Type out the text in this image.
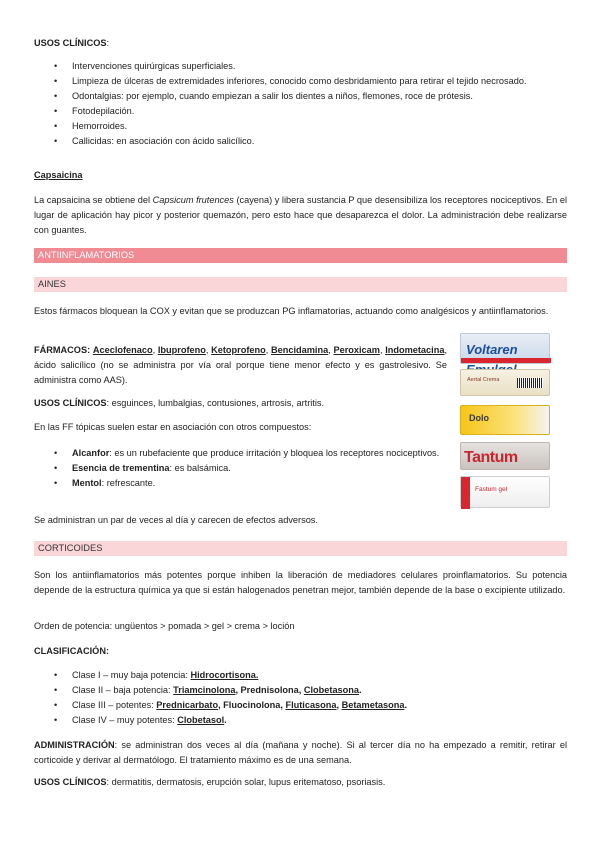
USOS CLÍNICOS:
• Intervenciones quirúrgicas superficiales.
• Limpieza de úlceras de extremidades inferiores, conocido como desbridamiento para retirar el tejido necrosado.
• Odontalgias: por ejemplo, cuando empiezan a salir los dientes a niños, flemones, roce de prótesis.
• Fotodepilación.
• Hemorroides.
• Callicidas: en asociación con ácido salicílico.
Capsaicina

La capsaicina se obtiene del Capsicum frutences (cayena) y libera sustancia P que desensibiliza los receptores nociceptivos. En el lugar de aplicación hay picor y posterior quemazón, pero esto hace que desaparezca el dolor. La administración debe realizarse con guantes.

ANTIINFLAMATORIOS
AINES

Estos fármacos bloquean la COX y evitan que se produzcan PG inflamatorias, actuando como analgésicos y antiinflamatorios.

FÁRMACOS: Aceclofenaco, Ibuprofeno, Ketoprofeno, Bencidamina, Peroxicam, Indometacina, ácido salicílico (no se administra por vía oral porque tiene menor efecto y es gastrolesivo. Se administra como AAS).

USOS CLÍNICOS: esguinces, lumbalgias, contusiones, artrosis, artritis.

En las FF tópicas suelen estar en asociación con otros compuestos:

• Alcanfor: es un rubefaciente que produce irritación y bloquea los receptores nociceptivos.
• Esencia de trementina: es balsámica.
• Mentol: refrescante.

Se administran un par de veces al día y carecen de efectos adversos.

Voltaren
Aertal Crema
Dolo
Tantum
Fastum gel
CORTICOIDES

Son los antiinflamatorios más potentes porque inhiben la liberación de mediadores celulares proinflamatorios. Su potencia depende de la estructura química ya que si están halogenados penetran mejor, también depende de la base o excipiente utilizado.

Orden de potencia: ungüentos > pomada > gel > crema > loción

CLASIFICACIÓN:
• Clase I – muy baja potencia: Hidrocortisona.
• Clase II – baja potencia: Triamcinolona, Prednisolona, Clobetasona.
• Clase III – potentes: Prednicarbato, Fluocinolona, Fluticasona, Betametasona.
• Clase IV – muy potentes: Clobetasol.

ADMINISTRACIÓN: se administran dos veces al día (mañana y noche). Si al tercer día no ha empezado a remitir, retirar el corticoide y derivar al dermatólogo. El tratamiento máximo es de una semana.

USOS CLÍNICOS: dermatitis, dermatosis, erupción solar, lupus eritematoso, psoriasis.
